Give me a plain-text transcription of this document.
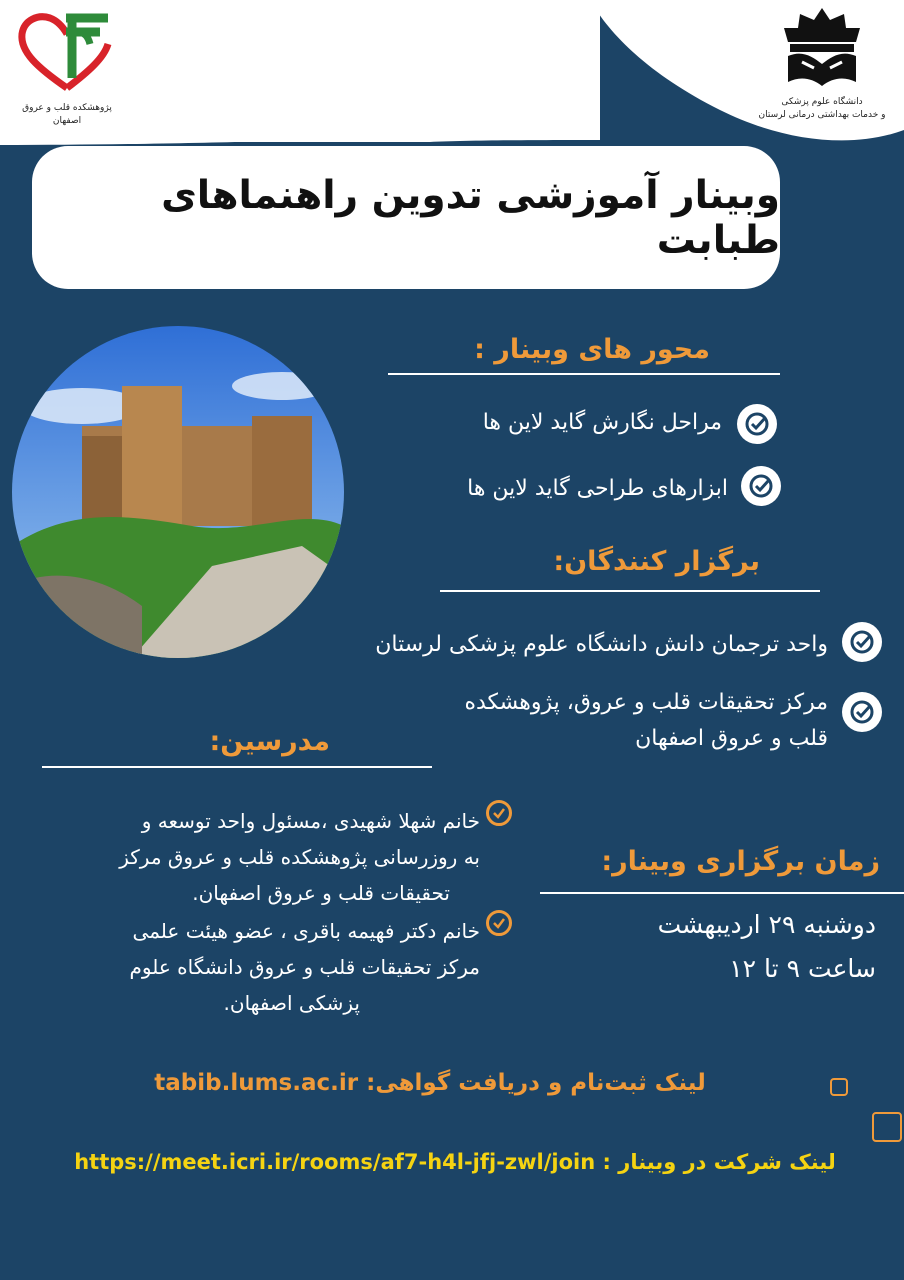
پژوهشکده قلب و عروق اصفهان
دانشگاه علوم پزشکی
و خدمات بهداشتی درمانی لرستان
وبینار آموزشی تدوین راهنماهای طبابت
محور های وبینار :
مراحل نگارش گاید لاین ها
ابزارهای طراحی گاید لاین ها
برگزار کنندگان:
واحد ترجمان دانش دانشگاه علوم پزشکی لرستان
مرکز تحقیقات قلب و عروق، پژوهشکده
قلب و عروق اصفهان
مدرسین:
خانم شهلا شهیدی ،مسئول واحد توسعه و
به روزرسانی پژوهشکده قلب و عروق مرکز
تحقیقات قلب و عروق اصفهان.
خانم دکتر فهیمه باقری ، عضو هیئت علمی
مرکز تحقیقات قلب و عروق دانشگاه علوم
پزشکی اصفهان.
زمان برگزاری وبینار:
دوشنبه ۲۹ اردیبهشت
ساعت ۹ تا ۱۲
لینک ثبت‌نام و دریافت گواهی: tabib.lums.ac.ir
لینک شرکت در وبینار : https://meet.icri.ir/rooms/af7-h4l-jfj-zwl/join
